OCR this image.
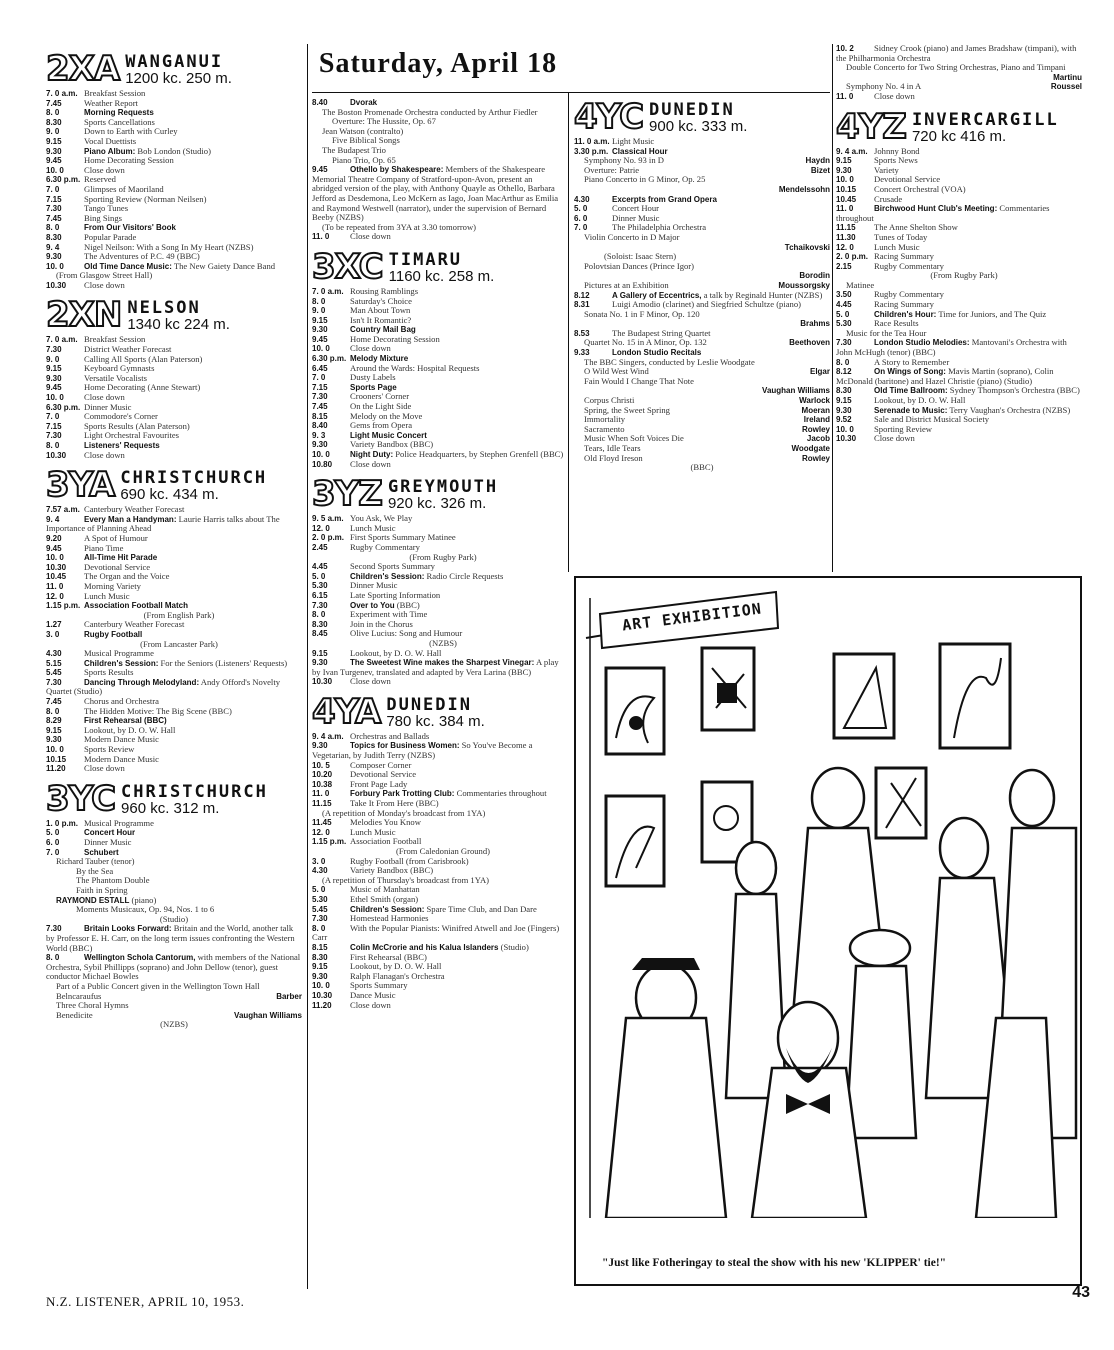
Saturday, April 18
2XA WANGANUI
1200 kc. 250 m.
7. 0 a.m. Breakfast Session
7.45	Weather Report
8. 0	Morning Requests
8.30	Sports Cancellations
9. 0	Down to Earth with Curley
9.15	Vocal Duettists
9.30	Piano Album: Bob London (Studio)
9.45	Home Decorating Session
10. 0 Close down
6.30 p.m. Reserved
7. 0	Glimpses of Maoriland
7.15	Sporting Review (Norman Neilsen)
7.30	Tango Tunes
7.45	Bing Sings
8. 0	From Our Visitors' Book
8.30	Popular Parade
9. 4	Nigel Neilson: With a Song In My Heart (NZBS)
9.30	The Adventures of P.C. 49 (BBC)
10. 0	Old Time Dance Music: The New Gaiety Dance Band
(From Glasgow Street Hall)
10.30 Close down
2XN NELSON
1340 kc 224 m.
7. 0 a.m. Breakfast Session
7.30	District Weather Forecast
9. 0	Calling All Sports (Alan Paterson)
9.15	Keyboard Gymnasts
9.30	Versatile Vocalists
9.45	Home Decorating (Anne Stewart)
10. 0 Close down
6.30 p.m. Dinner Music
7. 0	Commodore's Corner
7.15	Sports Results (Alan Paterson)
7.30	Light Orchestral Favourites
8. 0	Listeners' Requests
10.30 Close down
3YA CHRISTCHURCH
690 kc. 434 m.
7.57 a.m. Canterbury Weather Forecast
9. 4	Every Man a Handyman: Laurie Harris talks about The Importance of Planning Ahead
9.20	A Spot of Humour
9.45	Piano Time
10. 0	All-Time Hit Parade
10.30 Devotional Service
10.45 The Organ and the Voice
11. 0 Morning Variety
12. 0 Lunch Music
1.15 p.m. Association Football Match
(From English Park)
1.27	Canterbury Weather Forecast
3. 0	Rugby Football
(From Lancaster Park)
4.30	Musical Programme
5.15	Children's Session: For the Seniors (Listeners' Requests)
5.45	Sports Results
7.30	Dancing Through Melodyland: Andy Offord's Novelty Quartet (Studio)
7.45	Chorus and Orchestra
8. 0	The Hidden Motive: The Big Scene (BBC)
8.29	First Rehearsal (BBC)
9.15	Lookout, by D. O. W. Hall
9.30	Modern Dance Music
10. 0 Sports Review
10.15 Modern Dance Music
11.20 Close down
3YC CHRISTCHURCH
960 kc. 312 m.
1. 0 p.m. Musical Programme
5. 0	Concert Hour
6. 0	Dinner Music
7. 0	Schubert
Richard Tauber (tenor)
By the Sea
The Phantom Double
Faith in Spring
RAYMOND ESTALL (piano)
Moments Musicaux, Op. 94, Nos. 1 to 6
(Studio)
7.30	Britain Looks Forward: Britain and the World, another talk by Professor E. H. Carr, on the long term issues confronting the Western World (BBC)
8. 0	Wellington Schola Cantorum, with members of the National Orchestra, Sybil Phillipps (soprano) and John Dellow (tenor), guest conductor Michael Bowles
Part of a Public Concert given in the Wellington Town Hall
Belncaraufus	Barber
Three Choral Hymns
Benedicite	Vaughan Williams
(NZBS)
8.40	Dvorak
The Boston Promenade Orchestra conducted by Arthur Fiedler
Overture: The Hussite, Op. 67
Jean Watson (contralto)
Five Biblical Songs
The Budapest Trio
Piano Trio, Op. 65
9.45	Othello by Shakespeare: Members of the Shakespeare Memorial Theatre Company of Stratford-upon-Avon, present an abridged version of the play, with Anthony Quayle as Othello, Barbara Jefford as Desdemona, Leo McKern as Iago, Joan MacArthur as Emilia and Raymond Westwell (narrator), under the supervision of Bernard Beeby (NZBS)
(To be repeated from 3YA at 3.30 tomorrow)
11. 0 Close down
3XC TIMARU
1160 kc. 258 m.
7. 0 a.m. Rousing Ramblings
8. 0	Saturday's Choice
9. 0	Man About Town
9.15	Isn't It Romantic?
9.30	Country Mail Bag
9.45	Home Decorating Session
10. 0 Close down
6.30 p.m. Melody Mixture
6.45	Around the Wards: Hospital Requests
7. 0	Dusty Labels
7.15	Sports Page
7.30	Crooners' Corner
7.45	On the Light Side
8.15	Melody on the Move
8.40	Gems from Opera
9. 3	Light Music Concert
9.30	Variety Bandbox (BBC)
10. 0	Night Duty: Police Headquarters, by Stephen Grenfell (BBC)
10.80 Close down
3YZ GREYMOUTH
920 kc. 326 m.
9. 5 a.m. You Ask, We Play
12. 0 Lunch Music
2. 0 p.m. First Sports Summary Matinee
2.45	Rugby Commentary
(From Rugby Park)
4.45	Second Sports Summary
5. 0	Children's Session: Radio Circle Requests
5.30	Dinner Music
6.15	Late Sporting Information
7.30	Over to You (BBC)
8. 0	Experiment with Time
8.30	Join in the Chorus
8.45	Olive Lucius: Song and Humour
(NZBS)
9.15	Lookout, by D. O. W. Hall
9.30	The Sweetest Wine makes the Sharpest Vinegar: A play by Ivan Turgenev, translated and adapted by Vera Larina (BBC)
10.30 Close down
4YA DUNEDIN
780 kc. 384 m.
9. 4 a.m. Orchestras and Ballads
9.30	Topics for Business Women: So You've Become a Vegetarian, by Judith Terry (NZBS)
10. 5 Composer Corner
10.20 Devotional Service
10.38 Front Page Lady
11. 0	Forbury Park Trotting Club: Commentaries throughout
11.15 Take It From Here (BBC)
(A repetition of Monday's broadcast from 1YA)
11.45 Melodies You Know
12. 0 Lunch Music
1.15 p.m. Association Football
(From Caledonian Ground)
3. 0	Rugby Football (from Carisbrook)
4.30	Variety Bandbox (BBC)
(A repetition of Thursday's broadcast from 1YA)
5. 0	Music of Manhattan
5.30	Ethel Smith (organ)
5.45	Children's Session: Spare Time Club, and Dan Dare
7.30	Homestead Harmonies
8. 0	With the Popular Pianists: Winifred Atwell and Joe (Fingers) Carr
8.15	Colin McCrorie and his Kalua Islanders (Studio)
8.30	First Rehearsal (BBC)
9.15	Lookout, by D. O. W. Hall
9.30	Ralph Flanagan's Orchestra
10. 0 Sports Summary
10.30 Dance Music
11.20 Close down
4YC DUNEDIN
900 kc. 333 m.
11. 0 a.m. Light Music
3.30 p.m. Classical Hour
Symphony No. 93 in D	Haydn
Overture: Patrie	Bizet
Piano Concerto in G Minor, Op. 25
Mendelssohn
4.30	Excerpts from Grand Opera
5. 0	Concert Hour
6. 0	Dinner Music
7. 0	The Philadelphia Orchestra
Violin Concerto in D Major
Tchaikovski
(Soloist: Isaac Stern)
Polovtsian Dances (Prince Igor)
Borodin
Pictures at an Exhibition	Moussorgsky
8.12	A Gallery of Eccentrics, a talk by Reginald Hunter (NZBS)
8.31	Luigi Amodio (clarinet) and Siegfried Schultze (piano)
Sonata No. 1 in F Minor, Op. 120
Brahms
8.53	The Budapest String Quartet
Quartet No. 15 in A Minor, Op. 132	Beethoven
9.33	London Studio Recitals
The BBC Singers, conducted by Leslie Woodgate
O Wild West Wind	Elgar
Fain Would I Change That Note
Vaughan Williams
Corpus Christi	Warlock
Spring, the Sweet Spring	Moeran
Immortality	Ireland
Sacramento	Rowley
Music When Soft Voices Die	Jacob
Tears, Idle Tears	Woodgate
Old Floyd Ireson	Rowley
(BBC)
10. 2 Sidney Crook (piano) and James Bradshaw (timpani), with the Philharmonia Orchestra
Double Concerto for Two String Orchestras, Piano and Timpani
Martinu
Symphony No. 4 in A	Roussel
11. 0 Close down
4YZ INVERCARGILL
720 kc 416 m.
9. 4 a.m. Johnny Bond
9.15	Sports News
9.30	Variety
10. 0 Devotional Service
10.15 Concert Orchestral (VOA)
10.45 Crusade
11. 0	Birchwood Hunt Club's Meeting: Commentaries throughout
11.15 The Anne Shelton Show
11.30 Tunes of Today
12. 0 Lunch Music
2. 0 p.m. Racing Summary
2.15	Rugby Commentary
(From Rugby Park)
Matinee
3.50	Rugby Commentary
4.45	Racing Summary
5. 0	Children's Hour: Time for Juniors, and The Quiz
5.30	Race Results
Music for the Tea Hour
7.30	London Studio Melodies: Mantovani's Orchestra with John McHugh (tenor) (BBC)
8. 0	A Story to Remember
8.12	On Wings of Song: Mavis Martin (soprano), Colin McDonald (baritone) and Hazel Christie (piano) (Studio)
8.30	Old Time Ballroom: Sydney Thompson's Orchestra (BBC)
9.15	Lookout, by D. O. W. Hall
9.30	Serenade to Music: Terry Vaughan's Orchestra (NZBS)
9.52	Sale and District Musical Society
10. 0 Sporting Review
10.30 Close down
ART EXHIBITION
"Just like Fotheringay to steal the show with his new 'KLIPPER' tie!"
N.Z. LISTENER, APRIL 10, 1953.
43
